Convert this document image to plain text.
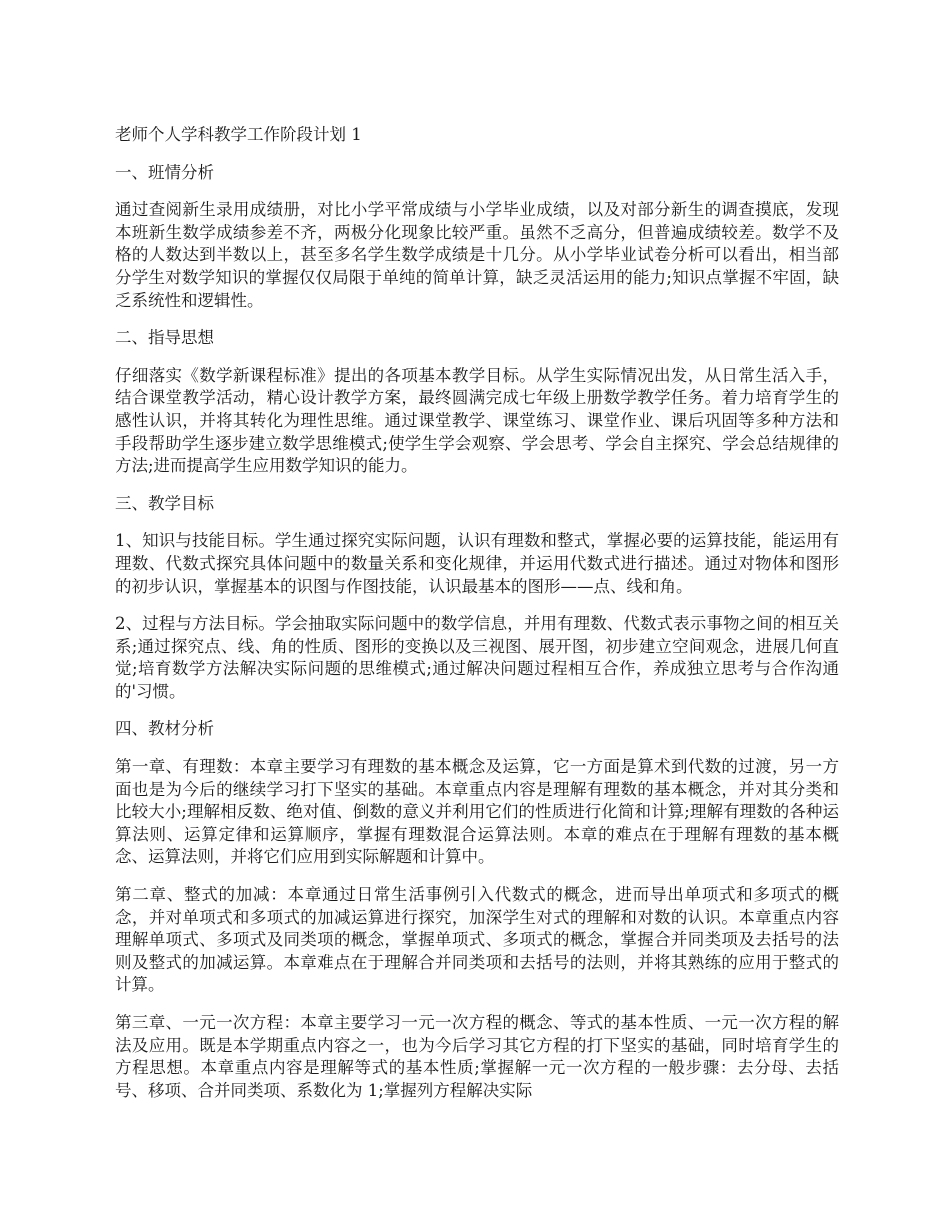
老师个人学科教学工作阶段计划 1

一、班情分析

通过查阅新生录用成绩册，对比小学平常成绩与小学毕业成绩，以及对部分新生的调查摸底，发现本班新生数学成绩参差不齐，两极分化现象比较严重。虽然不乏高分，但普遍成绩较差。数学不及格的人数达到半数以上，甚至多名学生数学成绩是十几分。从小学毕业试卷分析可以看出，相当部分学生对数学知识的掌握仅仅局限于单纯的简单计算，缺乏灵活运用的能力;知识点掌握不牢固，缺乏系统性和逻辑性。

二、指导思想

仔细落实《数学新课程标准》提出的各项基本教学目标。从学生实际情况出发，从日常生活入手，结合课堂教学活动，精心设计教学方案，最终圆满完成七年级上册数学教学任务。着力培育学生的感性认识，并将其转化为理性思维。通过课堂教学、课堂练习、课堂作业、课后巩固等多种方法和手段帮助学生逐步建立数学思维模式;使学生学会观察、学会思考、学会自主探究、学会总结规律的方法;进而提高学生应用数学知识的能力。

三、教学目标

1、知识与技能目标。学生通过探究实际问题，认识有理数和整式，掌握必要的运算技能，能运用有理数、代数式探究具体问题中的数量关系和变化规律，并运用代数式进行描述。通过对物体和图形的初步认识，掌握基本的识图与作图技能，认识最基本的图形——点、线和角。

2、过程与方法目标。学会抽取实际问题中的数学信息，并用有理数、代数式表示事物之间的相互关系;通过探究点、线、角的性质、图形的变换以及三视图、展开图，初步建立空间观念，进展几何直觉;培育数学方法解决实际问题的思维模式;通过解决问题过程相互合作，养成独立思考与合作沟通的'习惯。

四、教材分析

第一章、有理数：本章主要学习有理数的基本概念及运算，它一方面是算术到代数的过渡，另一方面也是为今后的继续学习打下坚实的基础。本章重点内容是理解有理数的基本概念，并对其分类和比较大小;理解相反数、绝对值、倒数的意义并利用它们的性质进行化简和计算;理解有理数的各种运算法则、运算定律和运算顺序，掌握有理数混合运算法则。本章的难点在于理解有理数的基本概念、运算法则，并将它们应用到实际解题和计算中。

第二章、整式的加减：本章通过日常生活事例引入代数式的概念，进而导出单项式和多项式的概念，并对单项式和多项式的加减运算进行探究，加深学生对式的理解和对数的认识。本章重点内容理解单项式、多项式及同类项的概念，掌握单项式、多项式的概念，掌握合并同类项及去括号的法则及整式的加减运算。本章难点在于理解合并同类项和去括号的法则，并将其熟练的应用于整式的计算。

第三章、一元一次方程：本章主要学习一元一次方程的概念、等式的基本性质、一元一次方程的解法及应用。既是本学期重点内容之一，也为今后学习其它方程的打下坚实的基础，同时培育学生的方程思想。本章重点内容是理解等式的基本性质;掌握解一元一次方程的一般步骤：去分母、去括号、移项、合并同类项、系数化为 1;掌握列方程解决实际
